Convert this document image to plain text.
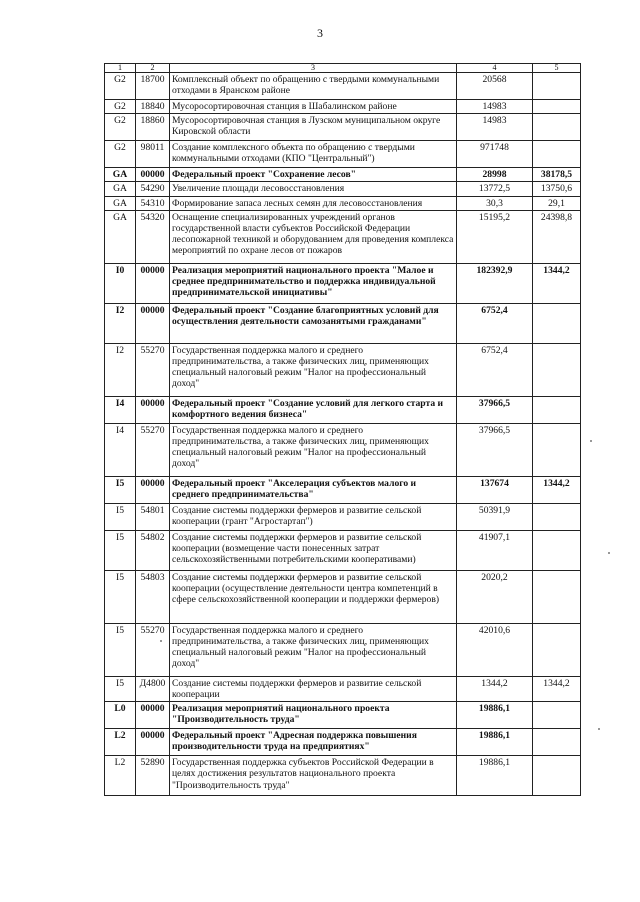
3
1	2	3	4	5
G2	18700	Комплексный объект по обращению с твердыми коммунальными отходами в Яранском районе	20568	
G2	18840	Мусоросортировочная станция в Шабалинском районе	14983	
G2	18860	Мусоросортировочная станция в Лузском муниципальном округе Кировской области	14983	
G2	98011	Создание комплексного объекта по обращению с твердыми коммунальными отходами (КПО "Центральный")	971748	
GA	00000	Федеральный проект "Сохранение лесов"	28998	38178,5
GA	54290	Увеличение площади лесовосстановления	13772,5	13750,6
GA	54310	Формирование запаса лесных семян для лесовосстановления	30,3	29,1
GA	54320	Оснащение специализированных учреждений органов государственной власти субъектов Российской Федерации лесопожарной техникой и оборудованием для проведения комплекса мероприятий по охране лесов от пожаров	15195,2	24398,8
I0	00000	Реализация мероприятий национального проекта "Малое и среднее предпринимательство и поддержка индивидуальной предпринимательской инициативы"	182392,9	1344,2
I2	00000	Федеральный проект "Создание благоприятных условий для осуществления деятельности самозанятыми гражданами"	6752,4	
I2	55270	Государственная поддержка малого и среднего предпринимательства, а также физических лиц, применяющих специальный налоговый режим "Налог на профессиональный доход"	6752,4	
I4	00000	Федеральный проект "Создание условий для легкого старта и комфортного ведения бизнеса"	37966,5	
I4	55270	Государственная поддержка малого и среднего предпринимательства, а также физических лиц, применяющих специальный налоговый режим "Налог на профессиональный доход"	37966,5	
I5	00000	Федеральный проект "Акселерация субъектов малого и среднего предпринимательства"	137674	1344,2
I5	54801	Создание системы поддержки фермеров и развитие сельской кооперации (грант "Агростартап")	50391,9	
I5	54802	Создание системы поддержки фермеров и развитие сельской кооперации (возмещение части понесенных затрат сельскохозяйственными потребительскими кооперативами)	41907,1	
I5	54803	Создание системы поддержки фермеров и развитие сельской кооперации (осуществление деятельности центра компетенций в сфере сельскохозяйственной кооперации и поддержки фермеров)	2020,2	
I5	55270	Государственная поддержка малого и среднего предпринимательства, а также физических лиц, применяющих специальный налоговый режим "Налог на профессиональный доход"	42010,6	
I5	Д4800	Создание системы поддержки фермеров и развитие сельской кооперации	1344,2	1344,2
L0	00000	Реализация мероприятий национального проекта "Производительность труда"	19886,1	
L2	00000	Федеральный проект "Адресная поддержка повышения производительности труда на предприятиях"	19886,1	
L2	52890	Государственная поддержка субъектов Российской Федерации в целях достижения результатов национального проекта "Производительность труда"	19886,1	
